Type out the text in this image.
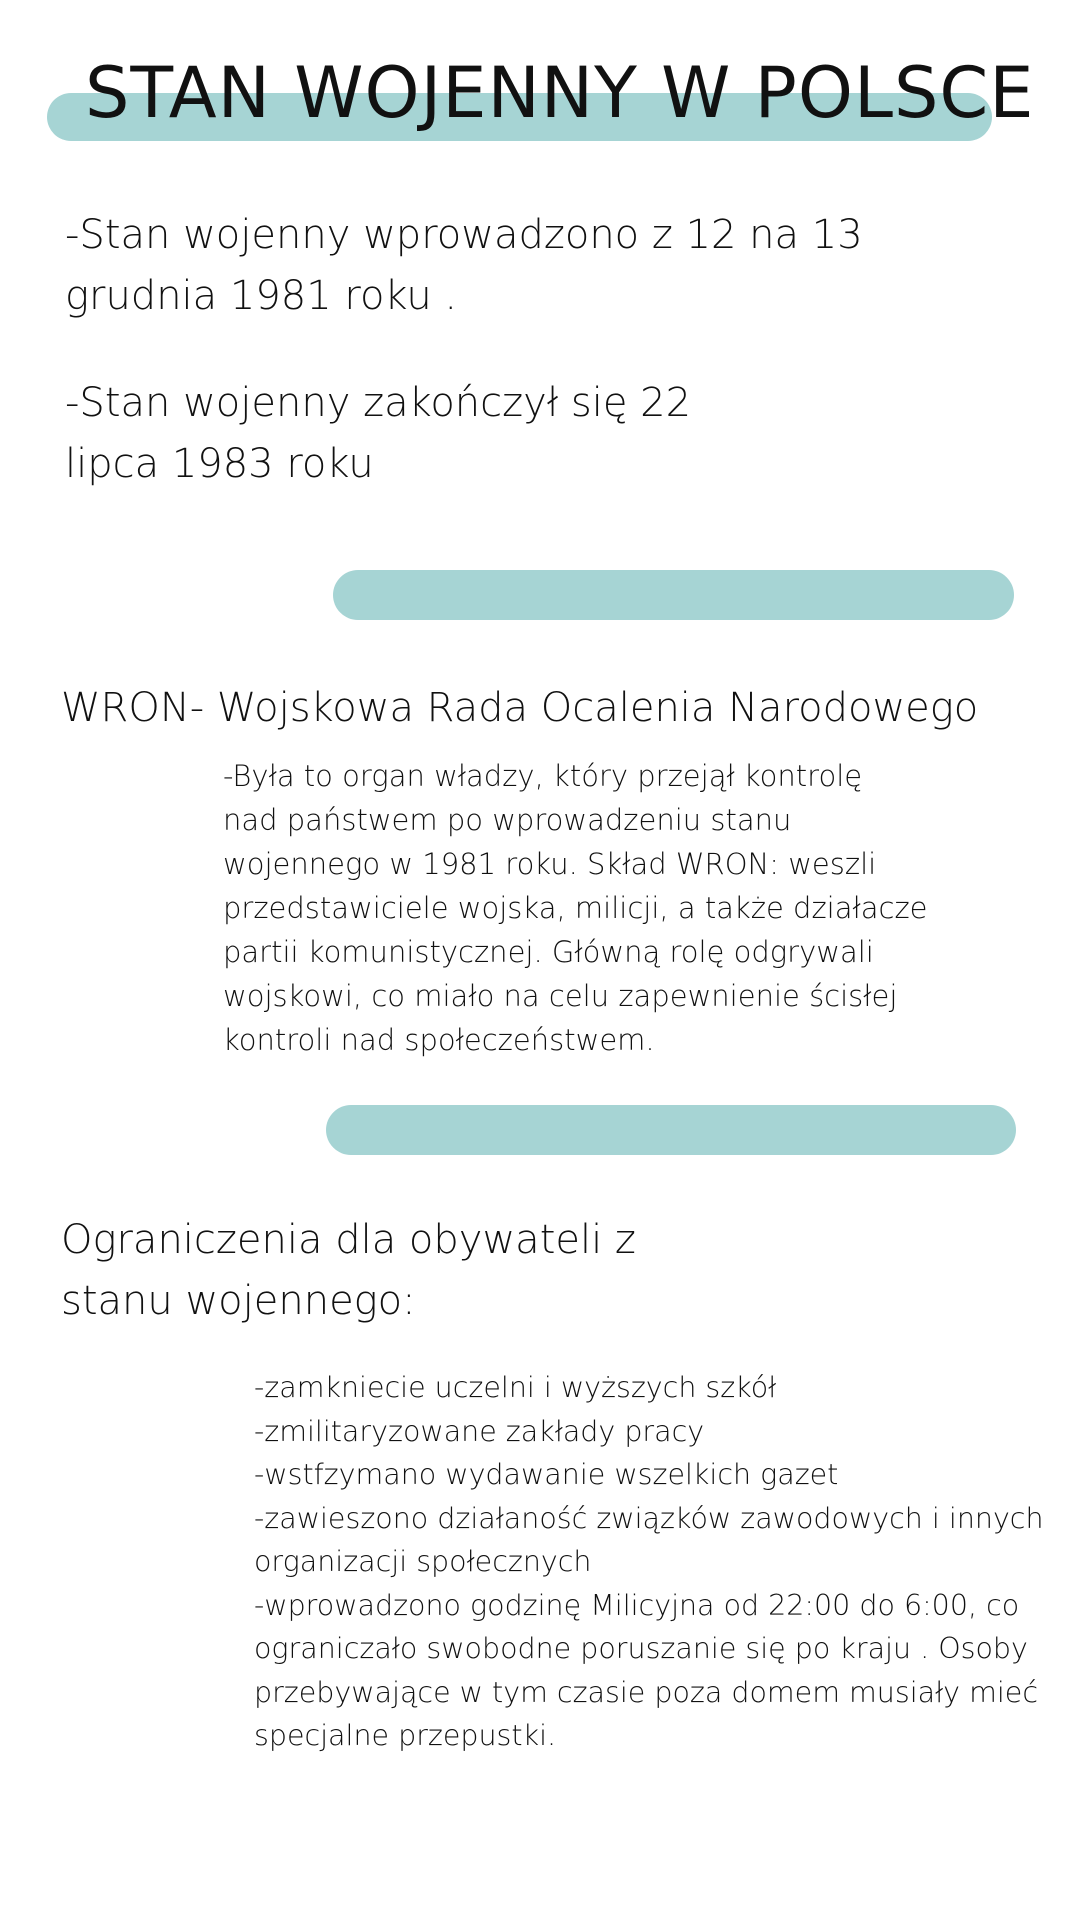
STAN WOJENNY W POLSCE
-Stan wojenny wprowadzono z 12 na 13
grudnia 1981 roku .
-Stan wojenny zakończył się 22
lipca 1983 roku
WRON- Wojskowa Rada Ocalenia Narodowego
-Była to organ władzy, który przejął kontrolę
nad państwem po wprowadzeniu stanu
wojennego w 1981 roku. Skład WRON: weszli
przedstawiciele wojska, milicji, a także działacze
partii komunistycznej. Główną rolę odgrywali
wojskowi, co miało na celu zapewnienie ścisłej
kontroli nad społeczeństwem.
Ograniczenia dla obywateli z
stanu wojennego:
-zamkniecie uczelni i wyższych szkół
-zmilitaryzowane zakłady pracy
-wstfzymano wydawanie wszelkich gazet
-zawieszono działaność związków zawodowych i innych
organizacji społecznych
-wprowadzono godzinę Milicyjna od 22:00 do 6:00, co
ograniczało swobodne poruszanie się po kraju . Osoby
przebywające w tym czasie poza domem musiały mieć
specjalne przepustki.
